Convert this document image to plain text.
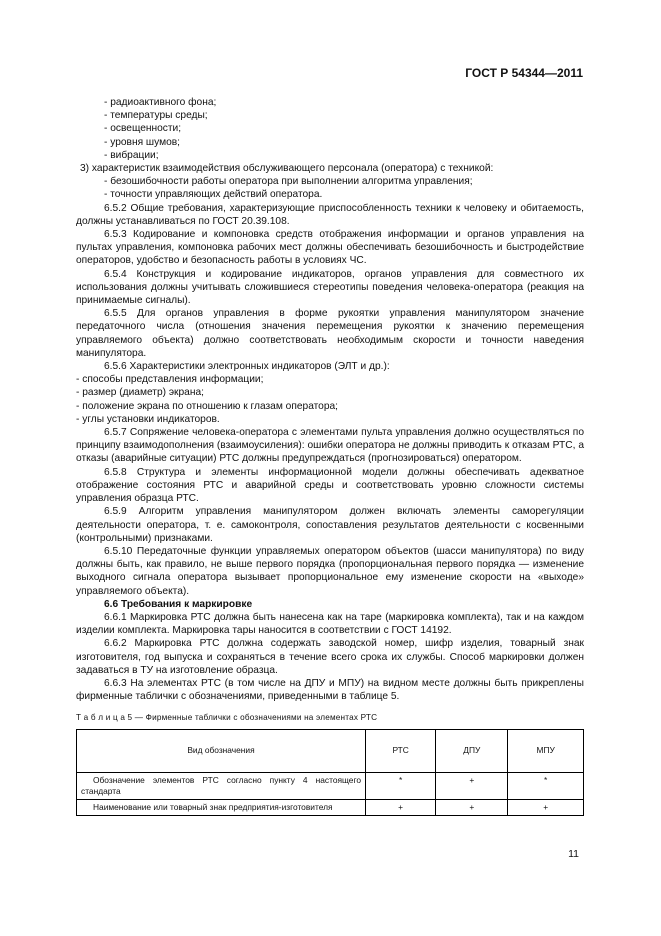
ГОСТ Р 54344—2011

- радиоактивного фона;

- температуры среды;

- освещенности;

- уровня шумов;

- вибрации;

3) характеристик взаимодействия обслуживающего персонала (оператора) с техникой:

- безошибочности работы оператора при выполнении алгоритма управления;

- точности управляющих действий оператора.

6.5.2 Общие требования, характеризующие приспособленность техники к человеку и обитаемость, должны устанавливаться по ГОСТ 20.39.108.

6.5.3 Кодирование и компоновка средств отображения информации и органов управления на пультах управления, компоновка рабочих мест должны обеспечивать безошибочность и быстродействие операторов, удобство и безопасность работы в условиях ЧС.

6.5.4 Конструкция и кодирование индикаторов, органов управления для совместного их использования должны учитывать сложившиеся стереотипы поведения человека-оператора (реакция на принимаемые сигналы).

6.5.5 Для органов управления в форме рукоятки управления манипулятором значение передаточного числа (отношения значения перемещения рукоятки к значению перемещения управляемого объекта) должно соответствовать необходимым скорости и точности наведения манипулятора.

6.5.6 Характеристики электронных индикаторов (ЭЛТ и др.):

- способы представления информации;

- размер (диаметр) экрана;

- положение экрана по отношению к глазам оператора;

- углы установки индикаторов.

6.5.7 Сопряжение человека-оператора с элементами пульта управления должно осуществляться по принципу взаимодополнения (взаимоусиления): ошибки оператора не должны приводить к отказам РТС, а отказы (аварийные ситуации) РТС должны предупреждаться (прогнозироваться) оператором.

6.5.8 Структура и элементы информационной модели должны обеспечивать адекватное отображение состояния РТС и аварийной среды и соответствовать уровню сложности системы управления образца РТС.

6.5.9 Алгоритм управления манипулятором должен включать элементы саморегуляции деятельности оператора, т. е. самоконтроля, сопоставления результатов деятельности с косвенными (контрольными) признаками.

6.5.10 Передаточные функции управляемых оператором объектов (шасси манипулятора) по виду должны быть, как правило, не выше первого порядка (пропорциональная первого порядка — изменение выходного сигнала оператора вызывает пропорциональное ему изменение скорости на «выходе» управляемого объекта).

6.6 Требования к маркировке

6.6.1 Маркировка РТС должна быть нанесена как на таре (маркировка комплекта), так и на каждом изделии комплекта. Маркировка тары наносится в соответствии с ГОСТ 14192.

6.6.2 Маркировка РТС должна содержать заводской номер, шифр изделия, товарный знак изготовителя, год выпуска и сохраняться в течение всего срока их службы. Способ маркировки должен задаваться в ТУ на изготовление образца.

6.6.3 На элементах РТС (в том числе на ДПУ и МПУ) на видном месте должны быть прикреплены фирменные таблички с обозначениями, приведенными в таблице 5.

Т а б л и ц а 5 — Фирменные таблички с обозначениями на элементах РТС
Вид обозначения	РТС	ДПУ	МПУ
Обозначение элементов РТС согласно пункту 4 настоящего стандарта	*	+	*
Наименование или товарный знак предприятия-изготовителя	+	+	+
11
